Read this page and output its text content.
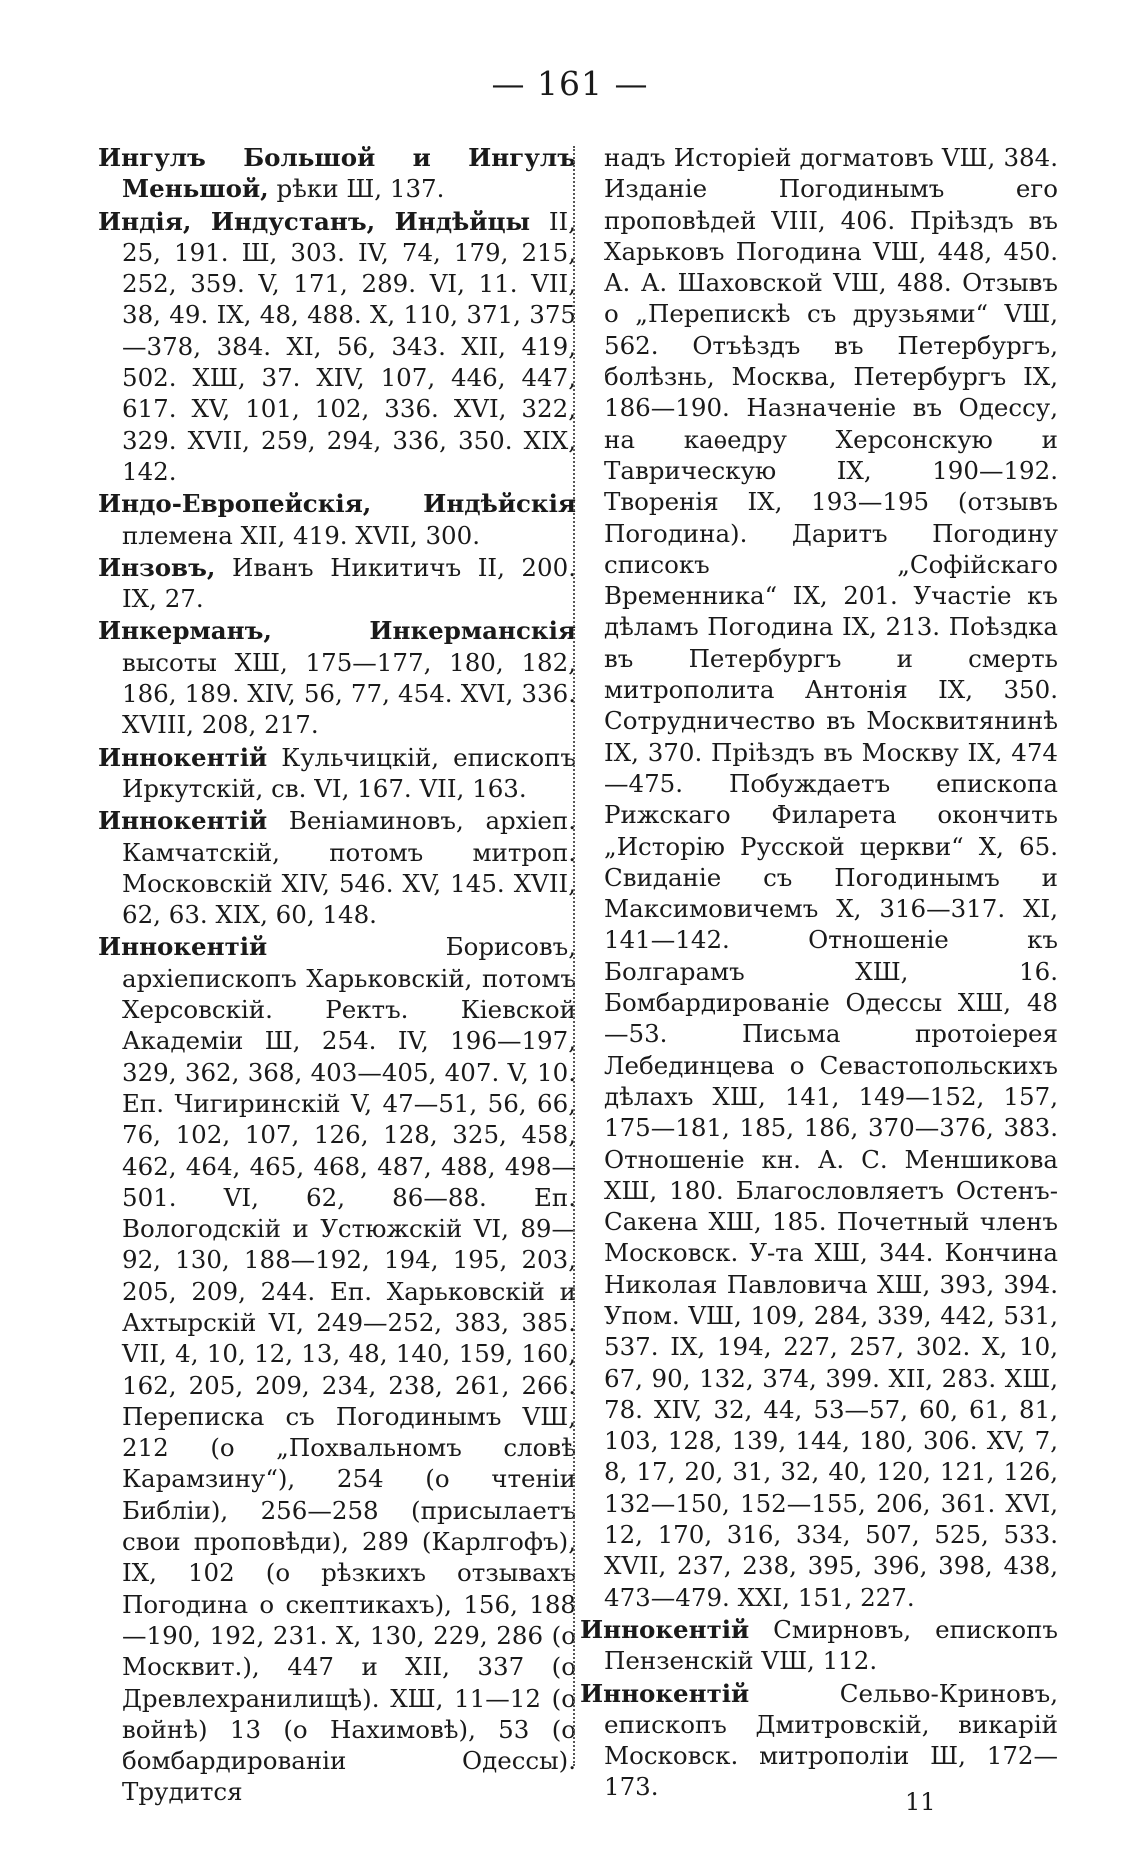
— 161 —

Ингулъ Большой и Ингулъ Меньшой, рѣки Ш, 137.

Индія, Индустанъ, Индѣйцы II, 25, 191. Ш, 303. IV, 74, 179, 215, 252, 359. V, 171, 289. VI, 11. VII, 38, 49. IX, 48, 488. X, 110, 371, 375—378, 384. XI, 56, 343. XII, 419, 502. XШ, 37. XIV, 107, 446, 447, 617. XV, 101, 102, 336. XVI, 322, 329. XVII, 259, 294, 336, 350. XIX, 142.

Индо-Европейскія, Индѣйскія племена XII, 419. XVII, 300.

Инзовъ, Иванъ Никитичъ II, 200. IX, 27.

Инкерманъ, Инкерманскія высоты XШ, 175—177, 180, 182, 186, 189. XIV, 56, 77, 454. XVI, 336. XVIII, 208, 217.

Иннокентій Кульчицкій, епископъ Иркутскій, св. VI, 167. VII, 163.

Иннокентій Веніаминовъ, архіеп. Камчатскій, потомъ митроп. Московскій XIV, 546. XV, 145. XVII, 62, 63. XIX, 60, 148.

Иннокентій Борисовъ, архіепископъ Харьковскій, потомъ Херсовскій. Ректъ. Кіевской Академіи Ш, 254. IV, 196—197, 329, 362, 368, 403—405, 407. V, 10. Еп. Чигиринскій V, 47—51, 56, 66, 76, 102, 107, 126, 128, 325, 458, 462, 464, 465, 468, 487, 488, 498—501. VI, 62, 86—88. Еп. Вологодскій и Устюжскій VI, 89—92, 130, 188—192, 194, 195, 203, 205, 209, 244. Еп. Харьковскій и Ахтырскій VI, 249—252, 383, 385. VII, 4, 10, 12, 13, 48, 140, 159, 160, 162, 205, 209, 234, 238, 261, 266. Переписка съ Погодинымъ VШ, 212 (о „Похвальномъ словѣ Карамзину“), 254 (о чтеніи Библіи), 256—258 (присылаетъ свои проповѣди), 289 (Карлгофъ), IX, 102 (о рѣзкихъ отзывахъ Погодина о скептикахъ), 156, 188—190, 192, 231. X, 130, 229, 286 (о Москвит.), 447 и XII, 337 (о Древлехранилищѣ). XШ, 11—12 (о войнѣ) 13 (о Нахимовѣ), 53 (о бомбардированіи Одессы). Трудится

надъ Исторіей догматовъ VШ, 384. Изданіе Погодинымъ его проповѣдей VIII, 406. Пріѣздъ въ Харьковъ Погодина VШ, 448, 450. А. А. Шаховской VШ, 488. Отзывъ о „Перепискѣ съ друзьями“ VШ, 562. Отъѣздъ въ Петербургъ, болѣзнь, Москва, Петербургъ IX, 186—190. Назначеніе въ Одессу, на каѳедру Херсонскую и Таврическую IX, 190—192. Творенія IX, 193—195 (отзывъ Погодина). Даритъ Погодину списокъ „Софійскаго Временника“ IX, 201. Участіе къ дѣламъ Погодина IX, 213. Поѣздка въ Петербургъ и смерть митрополита Антонія IX, 350. Сотрудничество въ Москвитянинѣ IX, 370. Пріѣздъ въ Москву IX, 474—475. Побуждаетъ епископа Рижскаго Филарета окончить „Исторію Русской церкви“ X, 65. Свиданіе съ Погодинымъ и Максимовичемъ X, 316—317. XI, 141—142. Отношеніе къ Болгарамъ XШ, 16. Бомбардированіе Одессы XШ, 48—53. Письма протоіерея Лебединцева о Севастопольскихъ дѣлахъ XШ, 141, 149—152, 157, 175—181, 185, 186, 370—376, 383. Отношеніе кн. А. С. Меншикова XШ, 180. Благословляетъ Остенъ-Сакена XШ, 185. Почетный членъ Московск. У-та XШ, 344. Кончина Николая Павловича XШ, 393, 394. Упом. VШ, 109, 284, 339, 442, 531, 537. IX, 194, 227, 257, 302. X, 10, 67, 90, 132, 374, 399. XII, 283. XШ, 78. XIV, 32, 44, 53—57, 60, 61, 81, 103, 128, 139, 144, 180, 306. XV, 7, 8, 17, 20, 31, 32, 40, 120, 121, 126, 132—150, 152—155, 206, 361. XVI, 12, 170, 316, 334, 507, 525, 533. XVII, 237, 238, 395, 396, 398, 438, 473—479. XXI, 151, 227.

Иннокентій Смирновъ, епископъ Пензенскій VШ, 112.

Иннокентій Сельво-Криновъ, епископъ Дмитровскій, викарій Московск. митрополіи Ш, 172—173.

11
